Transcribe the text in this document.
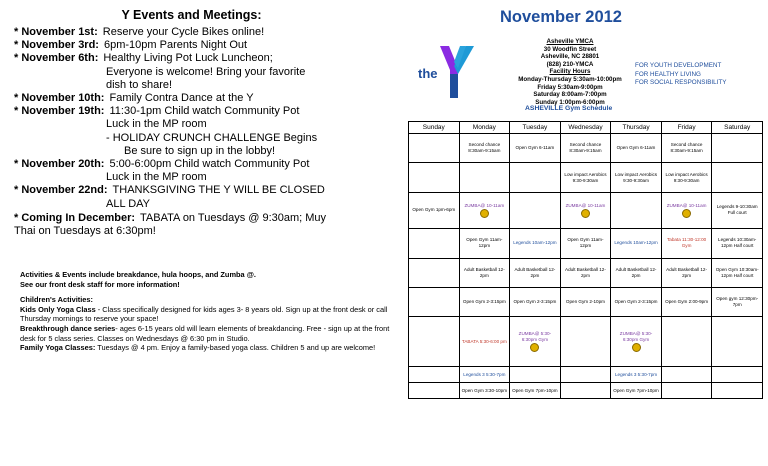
Y Events and Meetings:
* November 1st: Reserve your Cycle Bikes online!
* November 3rd: 6pm-10pm Parents Night Out
* November 6th: Healthy Living Pot Luck Luncheon;
Everyone is welcome! Bring your favorite
dish to share!
* November 10th: Family Contra Dance at the Y
* November 19th: 11:30-1pm Child watch Community Pot
Luck in the MP room
- HOLIDAY CRUNCH CHALLENGE Begins
Be sure to sign up in the lobby!
* November 20th: 5:00-6:00pm Child watch Community Pot
Luck in the MP room
* November 22nd: THANKSGIVING THE Y WILL BE CLOSED
ALL DAY
* Coming In December: TABATA on Tuesdays @ 9:30am; Muy
Thai on Tuesdays at 6:30pm!

Activities & Events include breakdance, hula hoops, and Zumba @.

See our front desk staff for more information!

Children's Activities:

Kids Only Yoga Class - Class specifically designed for kids ages 3- 8 years old. Sign up at the front desk or call Thursday mornings to reserve your space!

Breakthrough dance series- ages 6-15 years old will learn elements of breakdancing. Free - sign up at the front desk for 5 class series. Classes on Wednesdays @ 6:30 pm in Studio.

Family Yoga Classes: Tuesdays @ 4 pm. Enjoy a family-based yoga class. Children 5 and up are welcome!

November 2012
the
Asheville YMCA
30 Woodfin Street
Asheville, NC 28801
(828) 210-YMCA
Facility Hours
Monday-Thursday 5:30am-10:00pm
Friday 5:30am-9:00pm
Saturday 8:00am-7:00pm
Sunday 1:00pm-6:00pm
FOR YOUTH DEVELOPMENT
FOR HEALTHY LIVING
FOR SOCIAL RESPONSIBILITY
ASHEVILLE Gym Schedule
Sunday	Monday	Tuesday	Wednesday	Thursday	Friday	Saturday
	Second chance 8:30am-9:15am	Open Gym 6-11am	Second chance 8:30am-9:15am	Open Gym 6-11am	Second chance 8:30am-9:15am	
			Low impact Aerobics 9:30-9:30am	Low impact Aerobics 9:30-9:30am	Low impact Aerobics 9:30-9:30am	
Open Gym 1pm-6pm	ZUMBA@ 10-11am		ZUMBA@ 10-11am		ZUMBA@ 10-11am	Legends 9-10:30am Full court
	Open Gym 11am-12pm	Legends 10am-12pm	Open Gym 11am-12pm	Legends 10am-12pm	Tabata 11:30-12:00 Gym	Legends 10:30am-12pm Half court
	Adult Basketball 12-2pm	Adult Basketball 12-2pm	Adult Basketball 12-2pm	Adult Basketball 12-2pm	Adult Basketball 12-2pm	Open Gym 10:30am-12pm Half court
	Open Gym 2-3:15pm	Open Gym 2-3:15pm	Open Gym 2-10pm	Open Gym 2-3:15pm	Open Gym 2:00-9pm	Open gym 12:30pm-7pm
	TABATA 5:30-6:00 pm	ZUMBA@ 5:30-6:30pm Gym		ZUMBA@ 5:30-6:30pm Gym		

	Legends 3 5:30-7pm			Legends 3 5:30-7pm		
	Open Gym 3:30-10pm	Open Gym 7pm-10pm		Open Gym 7pm-10pm		
